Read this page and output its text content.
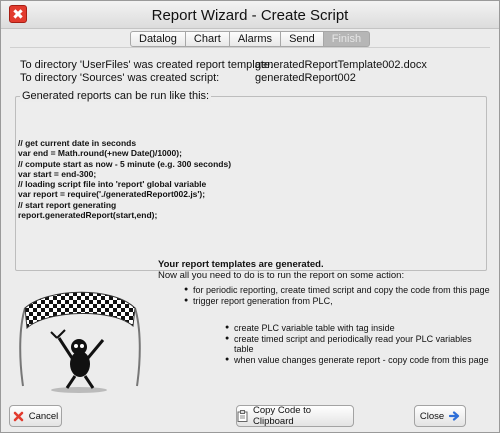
✖	Report Wizard - Create Script
Datalog	Chart	Alarms	Send	Finish
To directory 'UserFiles' was created report template:
generatedReportTemplate002.docx
To directory 'Sources' was created script:	generatedReport002
Generated reports can be run like this:
// get current date in seconds
var end = Math.round(+new Date()/1000);
// compute start as now - 5 minute (e.g. 300 seconds)
var start = end-300;
// loading script file into 'report' global variable
var report = require('./generatedReport002.js');
// start report generating
report.generatedReport(start,end);
Your report templates are generated.
Now all you need to do is to run the report on some action:
● for periodic reporting, create timed script and copy the code from this page
● trigger report generation from PLC,
● create PLC variable table with tag inside
● create timed script and periodically read your PLC variables table
● when value changes generate report - copy code from this page
Cancel	Copy Code to Clipboard	Close
